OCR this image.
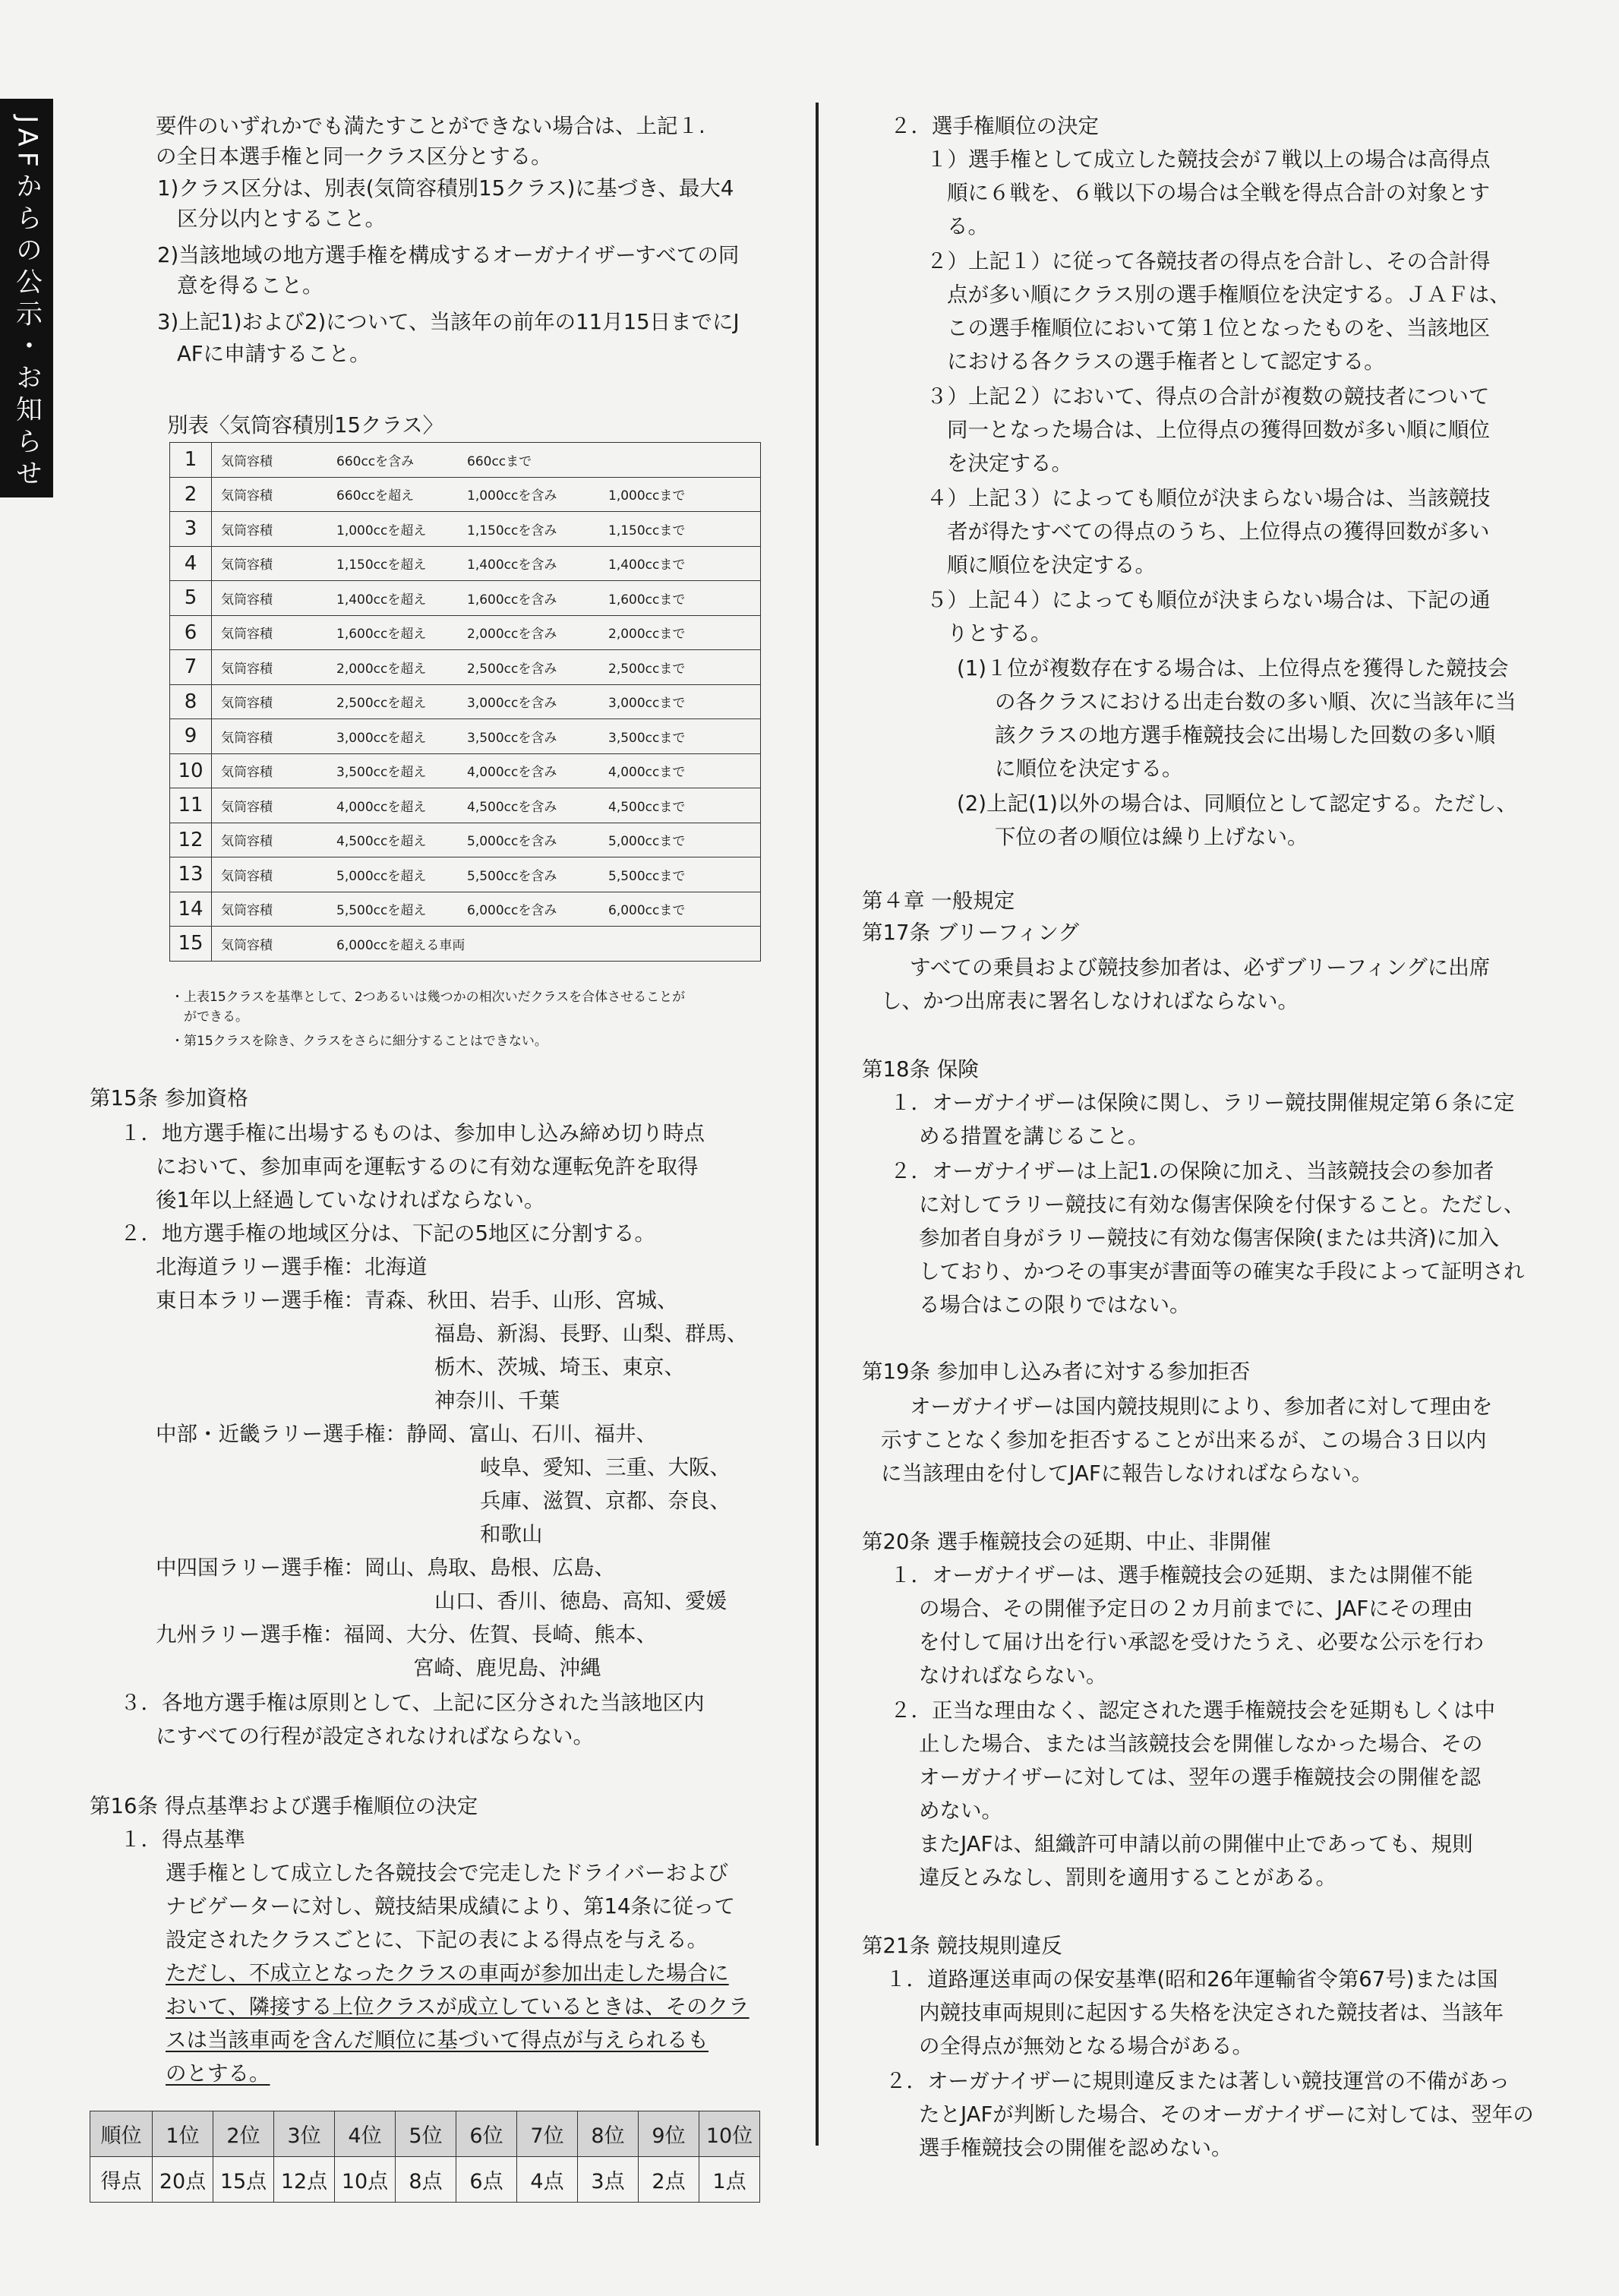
JAFからの公示・お知らせ	要件のいずれかでも満たすことができない場合は、上記１.
の全日本選手権と同一クラス区分とする。
1)クラス区分は、別表(気筒容積別15クラス)に基づき、最大4
区分以内とすること。
2)当該地域の地方選手権を構成するオーガナイザーすべての同
意を得ること。
3)上記1)および2)について、当該年の前年の11月15日までにJ
AFに申請すること。
別表〈気筒容積別15クラス〉
1	気筒容積 660ccを含み 660ccまで
2	気筒容積 660ccを超え 1,000ccを含み 1,000ccまで
3	気筒容積 1,000ccを超え 1,150ccを含み 1,150ccまで
4	気筒容積 1,150ccを超え 1,400ccを含み 1,400ccまで
5	気筒容積 1,400ccを超え 1,600ccを含み 1,600ccまで
6	気筒容積 1,600ccを超え 2,000ccを含み 2,000ccまで
7	気筒容積 2,000ccを超え 2,500ccを含み 2,500ccまで
8	気筒容積 2,500ccを超え 3,000ccを含み 3,000ccまで
9	気筒容積 3,000ccを超え 3,500ccを含み 3,500ccまで
10	気筒容積 3,500ccを超え 4,000ccを含み 4,000ccまで
11	気筒容積 4,000ccを超え 4,500ccを含み 4,500ccまで
12	気筒容積 4,500ccを超え 5,000ccを含み 5,000ccまで
13	気筒容積 5,000ccを超え 5,500ccを含み 5,500ccまで
14	気筒容積 5,500ccを超え 6,000ccを含み 6,000ccまで
15	気筒容積 6,000ccを超える車両
・上表15クラスを基準として、2つあるいは幾つかの相次いだクラスを合体させることが
　ができる。
・第15クラスを除き、クラスをさらに細分することはできない。
第15条 参加資格
１．地方選手権に出場するものは、参加申し込み締め切り時点
において、参加車両を運転するのに有効な運転免許を取得
後1年以上経過していなければならない。
２．地方選手権の地域区分は、下記の5地区に分割する。
北海道ラリー選手権：北海道
東日本ラリー選手権：青森、秋田、岩手、山形、宮城、
福島、新潟、長野、山梨、群馬、
栃木、茨城、埼玉、東京、
神奈川、千葉
中部・近畿ラリー選手権：静岡、富山、石川、福井、
岐阜、愛知、三重、大阪、
兵庫、滋賀、京都、奈良、
和歌山
中四国ラリー選手権：岡山、鳥取、島根、広島、
山口、香川、徳島、高知、愛媛
九州ラリー選手権：福岡、大分、佐賀、長崎、熊本、
宮崎、鹿児島、沖縄
３．各地方選手権は原則として、上記に区分された当該地区内
にすべての行程が設定されなければならない。
第16条 得点基準および選手権順位の決定
１．得点基準
選手権として成立した各競技会で完走したドライバーおよび
ナビゲーターに対し、競技結果成績により、第14条に従って
設定されたクラスごとに、下記の表による得点を与える。
ただし、不成立となったクラスの車両が参加出走した場合に
おいて、隣接する上位クラスが成立しているときは、そのクラ
スは当該車両を含んだ順位に基づいて得点が与えられるも
のとする。
順位	1位	2位	3位	4位	5位	6位	7位	8位	9位	10位
得点	20点	15点	12点	10点	8点	6点	4点	3点	2点	1点
２．選手権順位の決定
１）選手権として成立した競技会が７戦以上の場合は高得点
順に６戦を、６戦以下の場合は全戦を得点合計の対象とす
る。
２）上記１）に従って各競技者の得点を合計し、その合計得
点が多い順にクラス別の選手権順位を決定する。ＪＡＦは、
この選手権順位において第１位となったものを、当該地区
における各クラスの選手権者として認定する。
３）上記２）において、得点の合計が複数の競技者について
同一となった場合は、上位得点の獲得回数が多い順に順位
を決定する。
４）上記３）によっても順位が決まらない場合は、当該競技
者が得たすべての得点のうち、上位得点の獲得回数が多い
順に順位を決定する。
５）上記４）によっても順位が決まらない場合は、下記の通
りとする。
(1)１位が複数存在する場合は、上位得点を獲得した競技会
の各クラスにおける出走台数の多い順、次に当該年に当
該クラスの地方選手権競技会に出場した回数の多い順
に順位を決定する。
(2)上記(1)以外の場合は、同順位として認定する。ただし、
下位の者の順位は繰り上げない。
第４章 一般規定
第17条 ブリーフィング
すべての乗員および競技参加者は、必ずブリーフィングに出席
し、かつ出席表に署名しなければならない。
第18条 保険
１．オーガナイザーは保険に関し、ラリー競技開催規定第６条に定
める措置を講じること。
２．オーガナイザーは上記1.の保険に加え、当該競技会の参加者
に対してラリー競技に有効な傷害保険を付保すること。ただし、
参加者自身がラリー競技に有効な傷害保険(または共済)に加入
しており、かつその事実が書面等の確実な手段によって証明され
る場合はこの限りではない。
第19条 参加申し込み者に対する参加拒否
オーガナイザーは国内競技規則により、参加者に対して理由を
示すことなく参加を拒否することが出来るが、この場合３日以内
に当該理由を付してJAFに報告しなければならない。
第20条 選手権競技会の延期、中止、非開催
１．オーガナイザーは、選手権競技会の延期、または開催不能
の場合、その開催予定日の２カ月前までに、JAFにその理由
を付して届け出を行い承認を受けたうえ、必要な公示を行わ
なければならない。
２．正当な理由なく、認定された選手権競技会を延期もしくは中
止した場合、または当該競技会を開催しなかった場合、その
オーガナイザーに対しては、翌年の選手権競技会の開催を認
めない。
またJAFは、組織許可申請以前の開催中止であっても、規則
違反とみなし、罰則を適用することがある。
第21条 競技規則違反
１．道路運送車両の保安基準(昭和26年運輸省令第67号)または国
内競技車両規則に起因する失格を決定された競技者は、当該年
の全得点が無効となる場合がある。
２．オーガナイザーに規則違反または著しい競技運営の不備があっ
たとJAFが判断した場合、そのオーガナイザーに対しては、翌年の
選手権競技会の開催を認めない。
